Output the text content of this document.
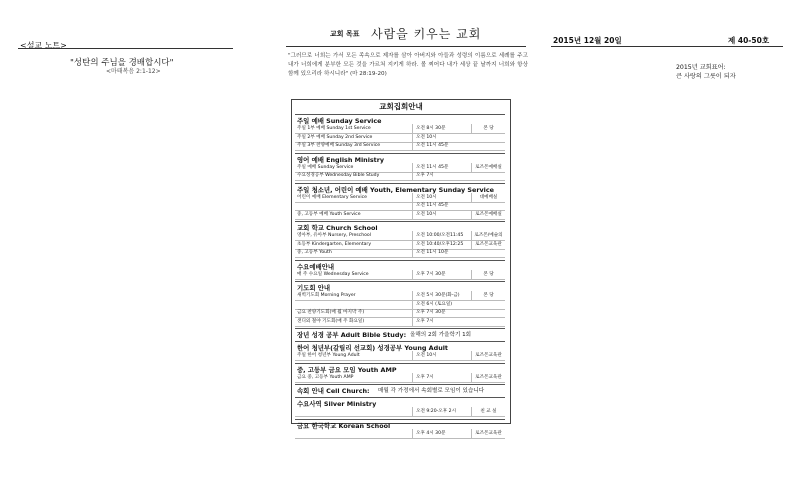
<설교 노트>
"성탄의 주님을 경배합시다"
<마태복음 2:1-12>
교회 목표 사람을 키우는 교회
"그러므로 너희는 가서 모든 족속으로 제자를 삼아 아버지와 아들과 성령의 이름으로 세례를 주고 내가 너희에게 분부한 모든 것을 가르쳐 지키게 하라. 볼 찌어다 내가 세상 끝 날까지 너희와 항상 함께 있으리라 하시니라" (마 28:19-20)
2015년 12월 20일	제 40-50호
2015년 교회표어:
큰 사랑의 그릇이 되자
교회집회안내
주일 예배 Sunday Service
주일 1부 예배 Sunday 1st Service	오전 8시 30분	본 당
주일 2부 예배 Sunday 2nd Service	오전 10시
주일 3부 찬양예배 Sunday 3rd Service	오전 11시 45분
영어 예배 English Ministry
주일 예배 Sunday Service	오전 11시 45분	로즈몬예배실
수요성경공부 Wednesday Bible Study	오후 7시
주일 청소년, 어린이 예배 Youth, Elementary Sunday Service
어린이 예배 Elementary Service	오전 10시	대예배실
오전 11시 45분
중, 고등부 예배 Youth Service	오전 10시	로즈몬예배실
교회 학교 Church School
영아부, 유아부 Nursery, Preschool	오전 10:00/오전11:45	로즈몬/예슬의
초등부 Kindergarten, Elementary	오전 10:40/오후12:25	로즈몬교육관
중, 고등부 Youth	오전 11시 10분
수요예배안내
매 주 수요일 Wednesday Service	오후 7시 30분	본 당
기도회 안내
새벽기도회 Morning Prayer	오전 5시 30분(화-금)	본 당
오전 6시 (토요일)
금요 찬양기도회(매 월 마지막 주)	오후 7시 30분
샌디외 철야 기도회(매 주 화요일)	오후 7시
장년 성경 공부 Adult Bible Study: 올해의 2회 가을학기 1회
한어 청년부(갈릴리 선교회) 성경공부 Young Adult
주일 한어 청년부 Young Adult	오전 10시	로즈몬교육관
중, 고등부 금요 모임 Youth AMP
금요 중, 고등부 Youth AMP	오후 7시	로즈몬교육관
속회 안내 Cell Church: 매월 각 가정에서 속회별로 모임이 있습니다
수요사역 Silver Ministry
오전 9:20-오후 2시	친 교 실
금요 한국학교 Korean School
오후 4시 30분	로즈몬교육관
